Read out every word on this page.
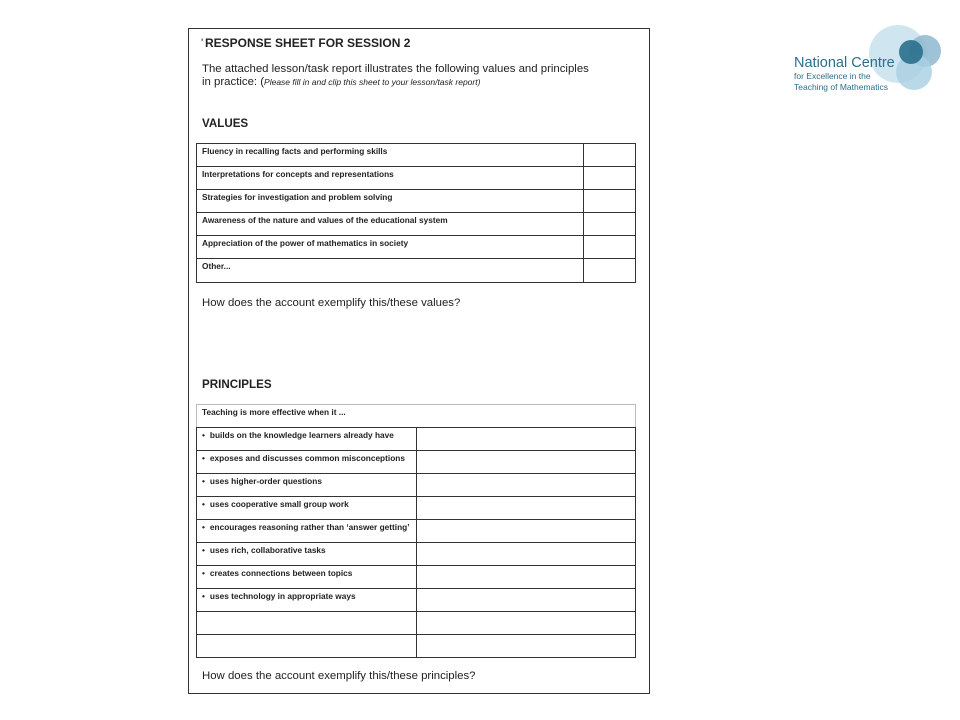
' RESPONSE SHEET FOR SESSION 2
The attached lesson/task report illustrates the following values and principles
in practice: (Please fill in and clip this sheet to your lesson/task report)
VALUES
Fluency in recalling facts and performing skills	
Interpretations for concepts and representations	
Strategies for investigation and problem solving	
Awareness of the nature and values of the educational system	
Appreciation of the power of mathematics in society	
Other...	
How does the account exemplify this/these values?
PRINCIPLES
Teaching is more effective when it ...	
• builds on the knowledge learners already have	
• exposes and discusses common misconceptions	
• uses higher-order questions	
• uses cooperative small group work	
• encourages reasoning rather than ‘answer getting’	
• uses rich, collaborative tasks	
• creates connections between topics	
• uses technology in appropriate ways	

How does the account exemplify this/these principles?
National Centre
for Excellence in the
Teaching of Mathematics
